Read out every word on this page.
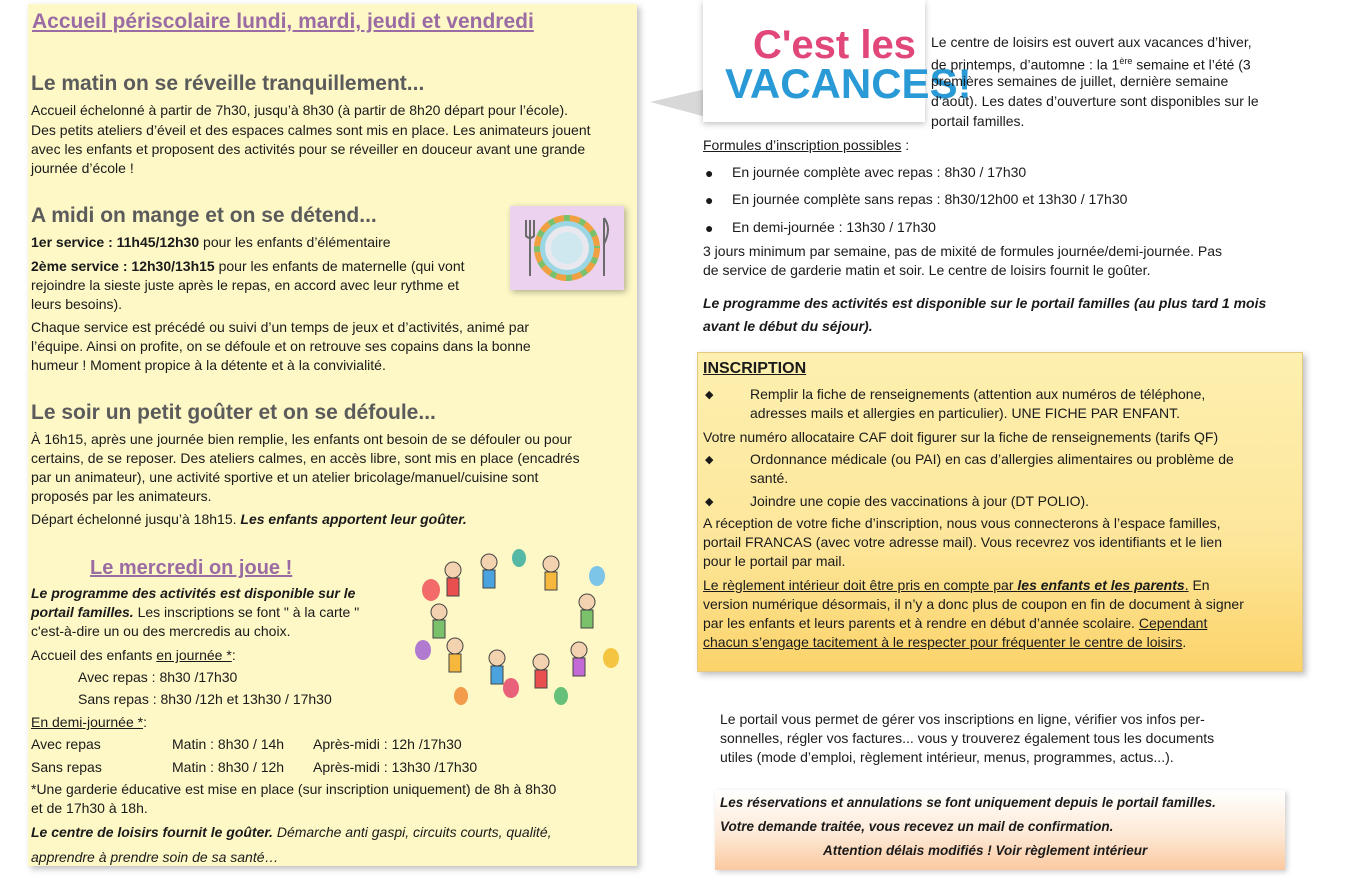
Accueil périscolaire lundi, mardi, jeudi et vendredi
Le matin on se réveille tranquillement...
Accueil échelonné à partir de 7h30, jusqu’à 8h30 (à partir de 8h20 départ pour l’école).
Des petits ateliers d’éveil et des espaces calmes sont mis en place. Les animateurs jouent
avec les enfants et proposent des activités pour se réveiller en douceur avant une grande
journée d’école !
A midi on mange et on se détend...
1er service : 11h45/12h30 pour les enfants d’élémentaire
2ème service : 12h30/13h15 pour les enfants de maternelle (qui vont
rejoindre la sieste juste après le repas, en accord avec leur rythme et
leurs besoins).
Chaque service est précédé ou suivi d’un temps de jeux et d’activités, animé par
l’équipe. Ainsi on profite, on se défoule et on retrouve ses copains dans la bonne
humeur ! Moment propice à la détente et à la convivialité.
Le soir un petit goûter et on se défoule...
À 16h15, après une journée bien remplie, les enfants ont besoin de se défouler ou pour
certains, de se reposer. Des ateliers calmes, en accès libre, sont mis en place (encadrés
par un animateur), une activité sportive et un atelier bricolage/manuel/cuisine sont
proposés par les animateurs.
Départ échelonné jusqu’à 18h15. Les enfants apportent leur goûter.
Le mercredi on joue !
Le programme des activités est disponible sur le
portail familles. Les inscriptions se font " à la carte "
c'est-à-dire un ou des mercredis au choix.
Accueil des enfants en journée *:
Avec repas : 8h30 /17h30
Sans repas : 8h30 /12h et 13h30 / 17h30
En demi-journée *:
Avec repas	Matin : 8h30 / 14h Après-midi : 12h /17h30
Sans repas	Matin : 8h30 / 12h Après-midi : 13h30 /17h30
*Une garderie éducative est mise en place (sur inscription uniquement) de 8h à 8h30
et de 17h30 à 18h.
Le centre de loisirs fournit le goûter. Démarche anti gaspi, circuits courts, qualité,
apprendre à prendre soin de sa santé…
C'est les
VACANCES!
Le centre de loisirs est ouvert aux vacances d’hiver,
de printemps, d’automne : la 1ère semaine et l’été (3
premières semaines de juillet, dernière semaine
d’août). Les dates d’ouverture sont disponibles sur le
portail familles.
Formules d’inscription possibles :
● En journée complète avec repas : 8h30 / 17h30
● En journée complète sans repas : 8h30/12h00 et 13h30 / 17h30
● En demi-journée : 13h30 / 17h30
3 jours minimum par semaine, pas de mixité de formules journée/demi-journée. Pas
de service de garderie matin et soir. Le centre de loisirs fournit le goûter.
Le programme des activités est disponible sur le portail familles (au plus tard 1 mois
avant le début du séjour).
INSCRIPTION
◆	Remplir la fiche de renseignements (attention aux numéros de téléphone,
adresses mails et allergies en particulier). UNE FICHE PAR ENFANT.
Votre numéro allocataire CAF doit figurer sur la fiche de renseignements (tarifs QF)
◆	Ordonnance médicale (ou PAI) en cas d’allergies alimentaires ou problème de
santé.
◆	Joindre une copie des vaccinations à jour (DT POLIO).
A réception de votre fiche d’inscription, nous vous connecterons à l’espace familles,
portail FRANCAS (avec votre adresse mail). Vous recevrez vos identifiants et le lien
pour le portail par mail.
Le règlement intérieur doit être pris en compte par les enfants et les parents. En
version numérique désormais, il n’y a donc plus de coupon en fin de document à signer
par les enfants et leurs parents et à rendre en début d’année scolaire. Cependant
chacun s’engage tacitement à le respecter pour fréquenter le centre de loisirs.
Le portail vous permet de gérer vos inscriptions en ligne, vérifier vos infos per-
sonnelles, régler vos factures... vous y trouverez également tous les documents
utiles (mode d’emploi, règlement intérieur, menus, programmes, actus...).
Les réservations et annulations se font uniquement depuis le portail familles.
Votre demande traitée, vous recevez un mail de confirmation.
Attention délais modifiés ! Voir règlement intérieur
